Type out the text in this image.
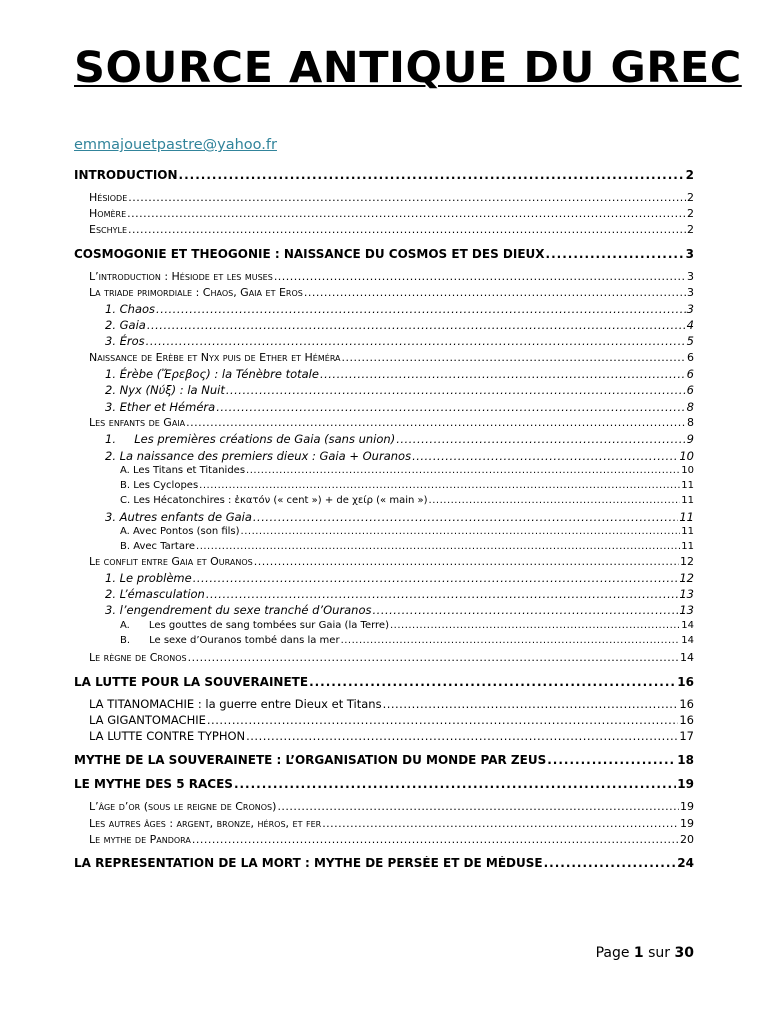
SOURCE ANTIQUE DU GREC
emmajouetpastre@yahoo.fr
INTRODUCTION .....	2
Hésiode .....	2
Homère .....	2
Eschyle .....	2
COSMOGONIE ET THEOGONIE : NAISSANCE DU COSMOS ET DES DIEUX .....	3
L’introduction : Hésiode et les muses .....	3
La triade primordiale : Chaos, Gaia et Eros .....	3
1. Chaos .....	3
2. Gaia .....	4
3. Éros .....	5
Naissance de Erèbe et Nyx puis de Ether et Héméra .....	6
1. Érèbe (Ἔρεβος) : la Ténèbre totale .....	6
2. Nyx (Νύξ) : la Nuit .....	6
3. Ether et Héméra .....	8
Les enfants de Gaia .....	8
1. Les premières créations de Gaia (sans union) .....	9
2. La naissance des premiers dieux : Gaia + Ouranos .....	10
A. Les Titans et Titanides .....	10
B. Les Cyclopes .....	11
C. Les Hécatonchires : ἑκατόν (« cent ») + de χείρ (« main ») .....	11
3. Autres enfants de Gaia .....	11
A. Avec Pontos (son fils) .....	11
B. Avec Tartare .....	11
Le conflit entre Gaia et Ouranos .....	12
1. Le problème .....	12
2. L’émasculation .....	13
3. l’engendrement du sexe tranché d’Ouranos .....	13
A. Les gouttes de sang tombées sur Gaia (la Terre) .....	14
B. Le sexe d’Ouranos tombé dans la mer .....	14
Le règne de Cronos .....	14
LA LUTTE POUR LA SOUVERAINETE .....	16
LA TITANOMACHIE : la guerre entre Dieux et Titans .....	16
LA GIGANTOMACHIE .....	16
LA LUTTE CONTRE TYPHON .....	17
MYTHE DE LA SOUVERAINETE : L’ORGANISATION DU MONDE PAR ZEUS .....	18
LE MYTHE DES 5 RACES .....	19
L’âge d’or (sous le reigne de Cronos) .....	19
Les autres âges : argent, bronze, héros, et fer .....	19
Le mythe de Pandora .....	20
LA REPRESENTATION DE LA MORT : MYTHE DE PERSÉE ET DE MÉDUSE .....	24
Page 1 sur 30
